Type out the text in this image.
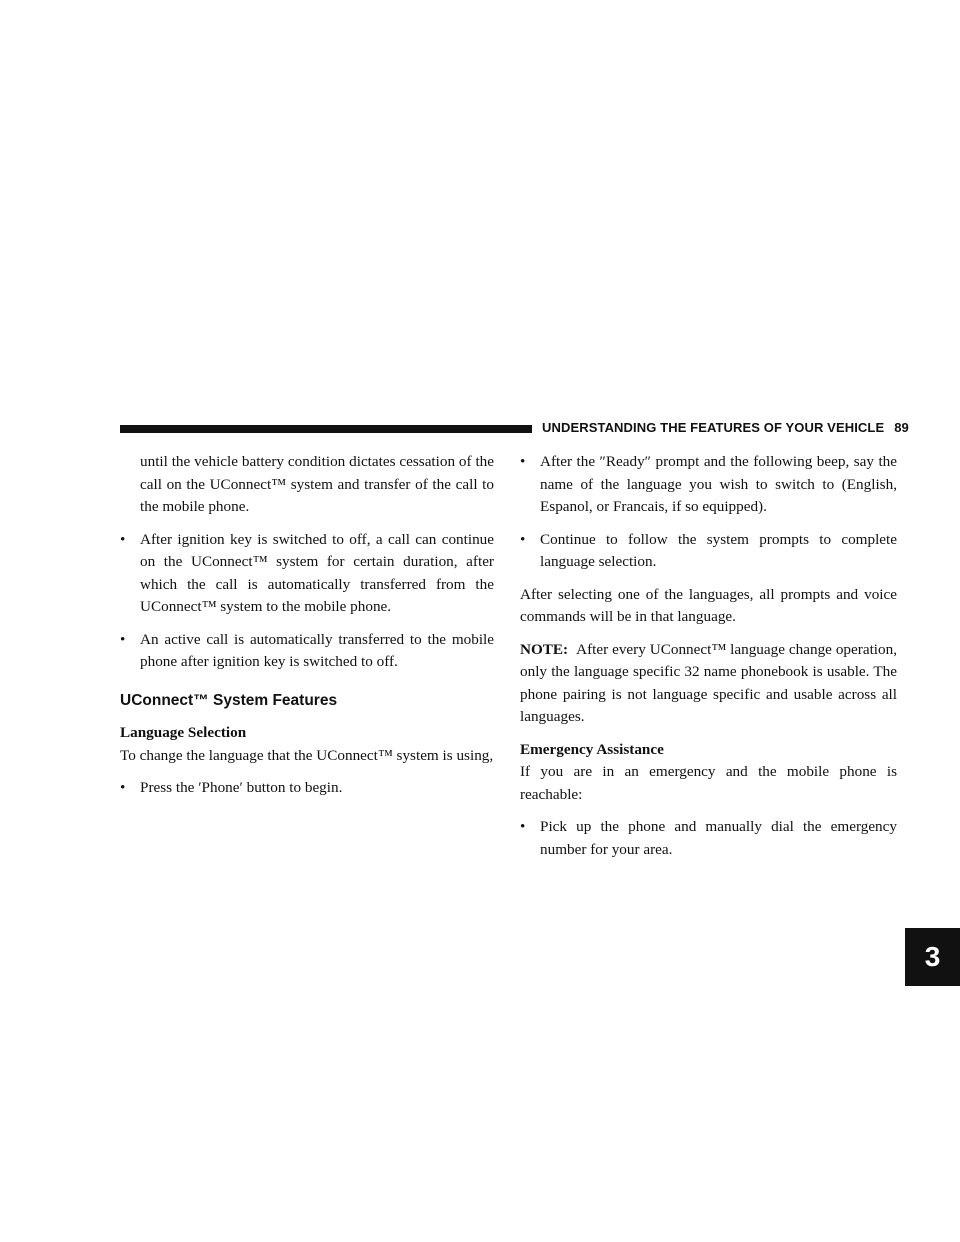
UNDERSTANDING THE FEATURES OF YOUR VEHICLE 89
3

until the vehicle battery condition dictates cessation of the call on the UConnect™ system and transfer of the call to the mobile phone.

• After ignition key is switched to off, a call can continue on the UConnect™ system for certain duration, after which the call is automatically transferred from the UConnect™ system to the mobile phone.
• An active call is automatically transferred to the mobile phone after ignition key is switched to off.
UConnect™ System Features

Language Selection

To change the language that the UConnect™ system is using,

• Press the ′Phone′ button to begin.
• After the ″Ready″ prompt and the following beep, say the name of the language you wish to switch to (English, Espanol, or Francais, if so equipped).
• Continue to follow the system prompts to complete language selection.

After selecting one of the languages, all prompts and voice commands will be in that language.

NOTE: After every UConnect™ language change operation, only the language specific 32 name phonebook is usable. The phone pairing is not language specific and usable across all languages.

Emergency Assistance

If you are in an emergency and the mobile phone is reachable:

• Pick up the phone and manually dial the emergency number for your area.
